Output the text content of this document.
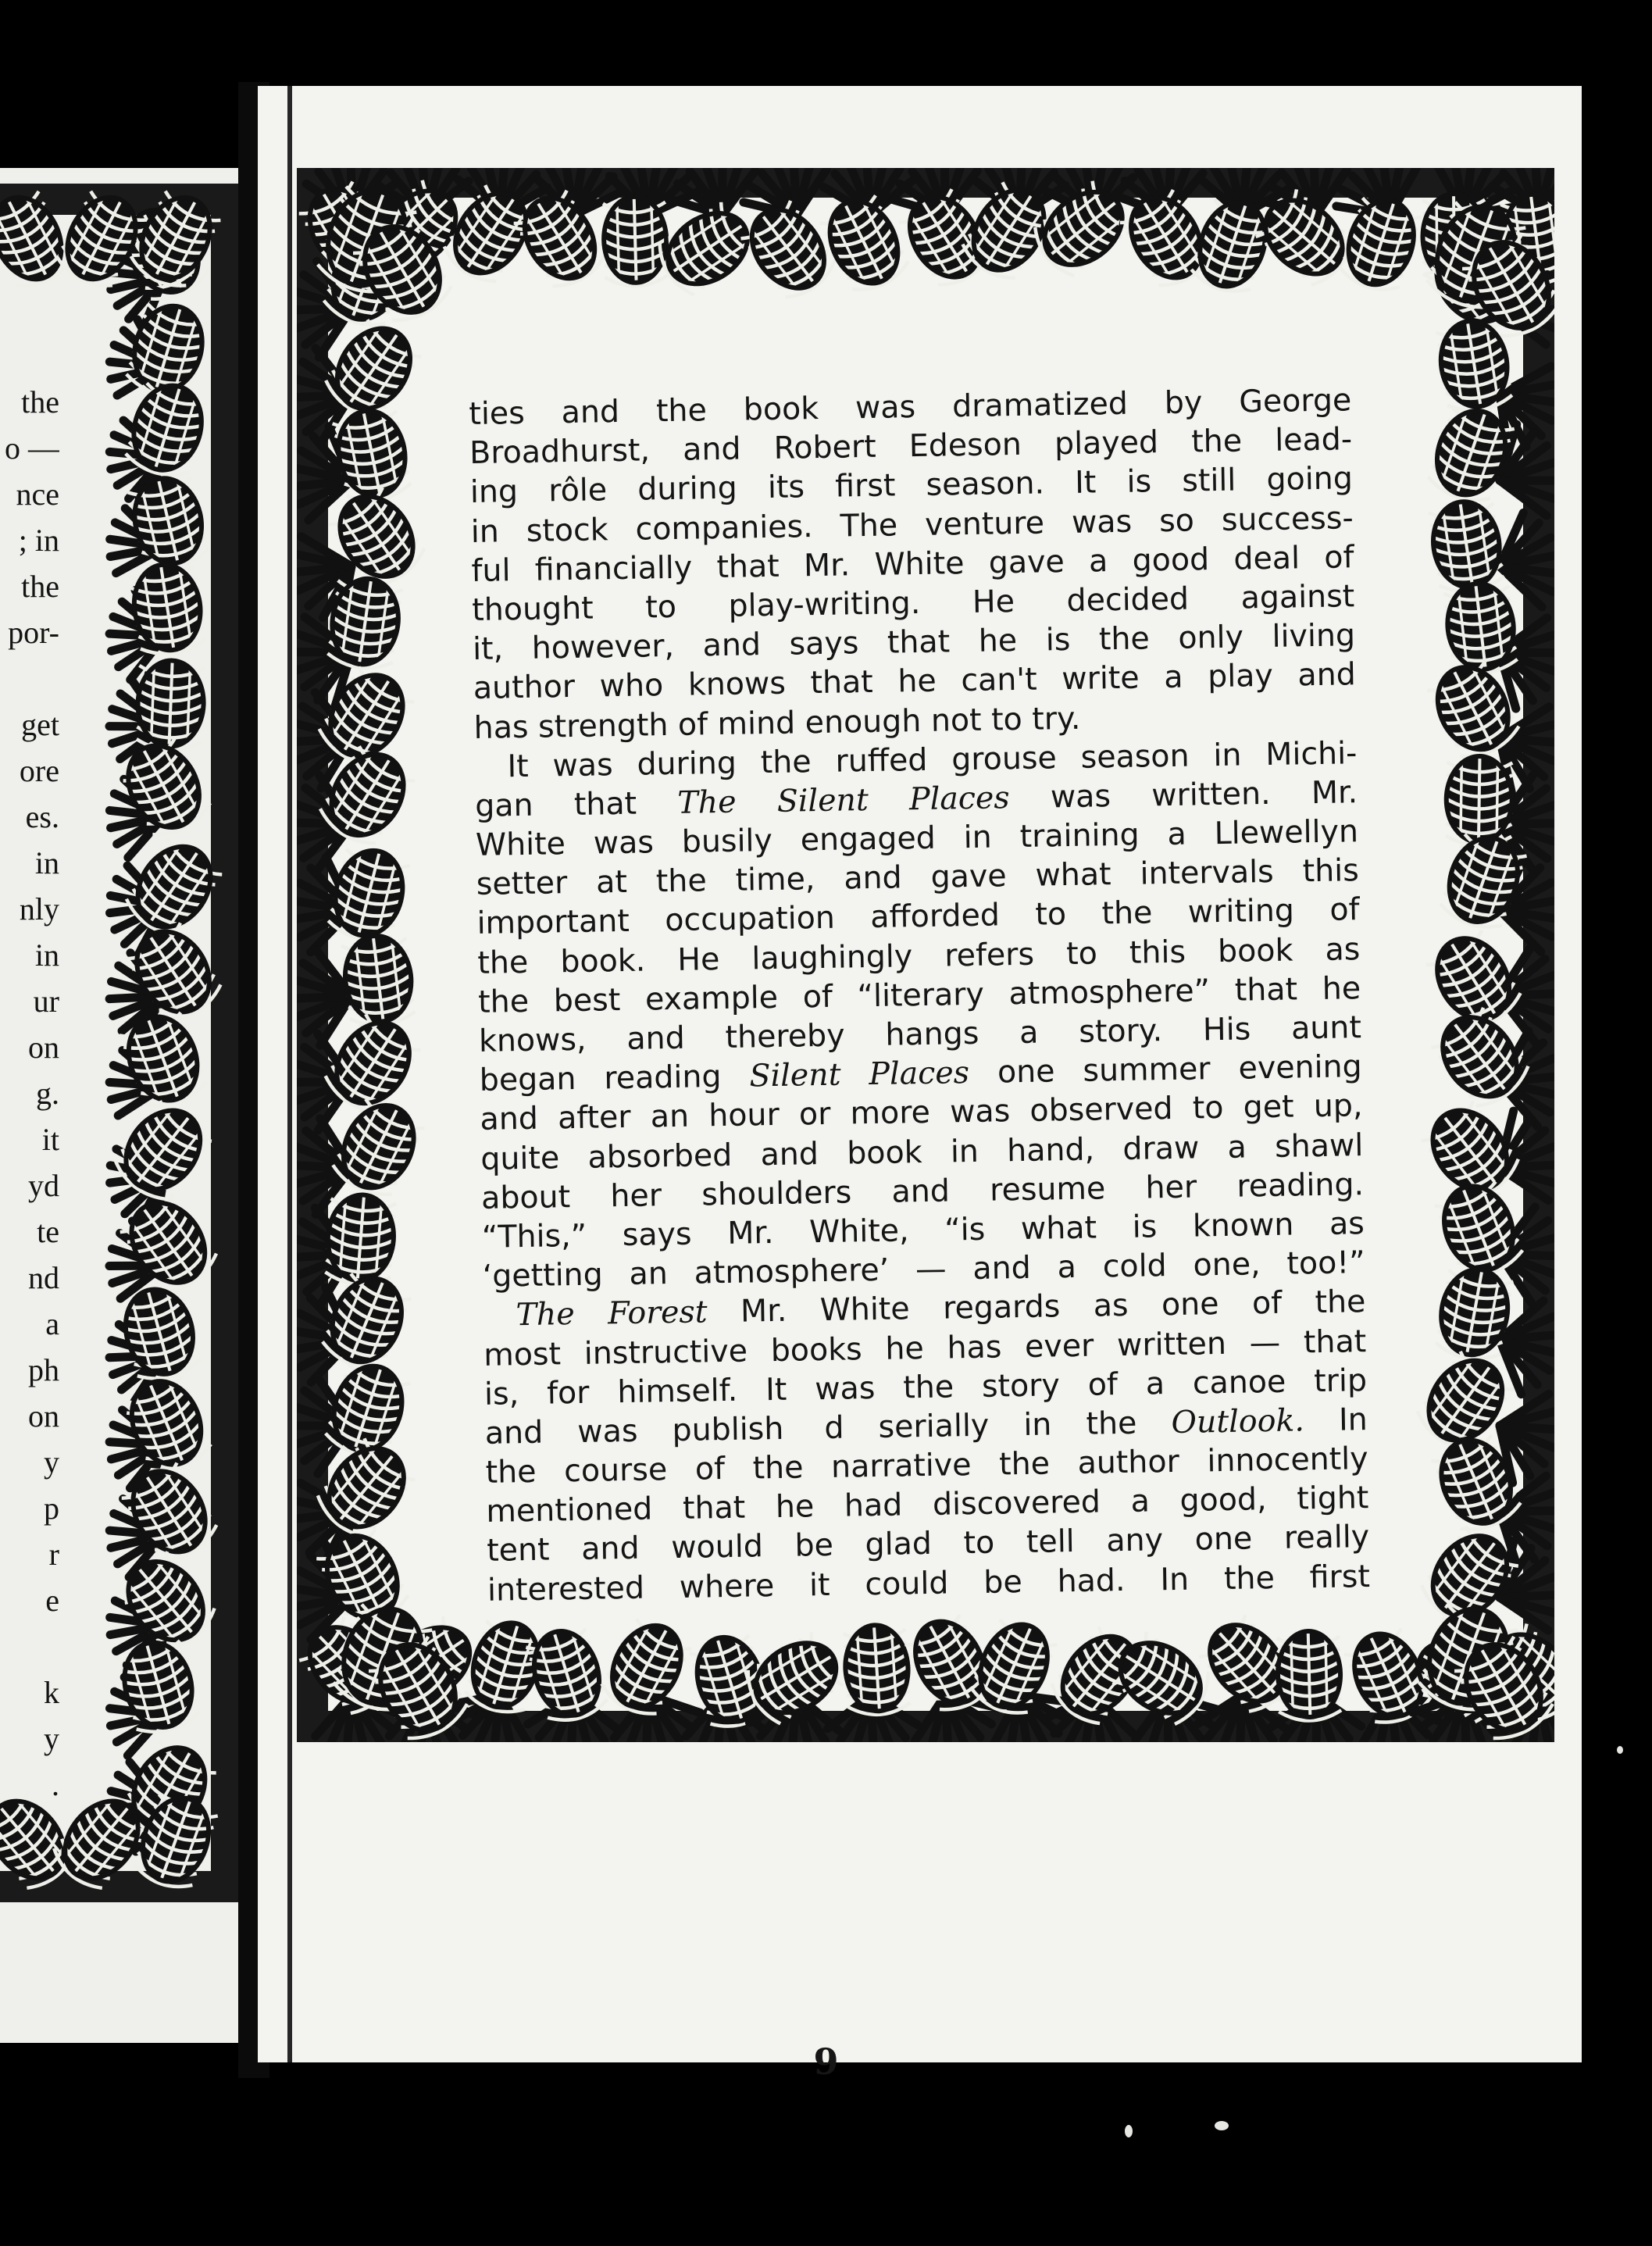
the
o —
nce
; in
the
por-
get
ore
es.
in
nly
in
ur
on
g.
it
yd
te
nd
a
ph
on
y
p
r
e
k
y
.
ties and the book was dramatized by George
Broadhurst, and Robert Edeson played the lead-
ing rôle during its first season. It is still going
in stock companies. The venture was so success-
ful financially that Mr. White gave a good deal of
thought to play-writing. He decided against
it, however, and says that he is the only living
author who knows that he can't write a play and
has strength of mind enough not to try.
It was during the ruffed grouse season in Michi-
gan that The Silent Places was written. Mr.
White was busily engaged in training a Llewellyn
setter at the time, and gave what intervals this
important occupation afforded to the writing of
the book. He laughingly refers to this book as
the best example of “literary atmosphere” that he
knows, and thereby hangs a story. His aunt
began reading Silent Places one summer evening
and after an hour or more was observed to get up,
quite absorbed and book in hand, draw a shawl
about her shoulders and resume her reading.
“This,” says Mr. White, “is what is known as
‘getting an atmosphere’ — and a cold one, too!”
The Forest Mr. White regards as one of the
most instructive books he has ever written — that
is, for himself. It was the story of a canoe trip
and was publish  d serially in the Outlook. In
the course of the narrative the author innocently
mentioned that he had discovered a good, tight
tent and would be glad to tell any one really
interested where it could be had. In the first
9
